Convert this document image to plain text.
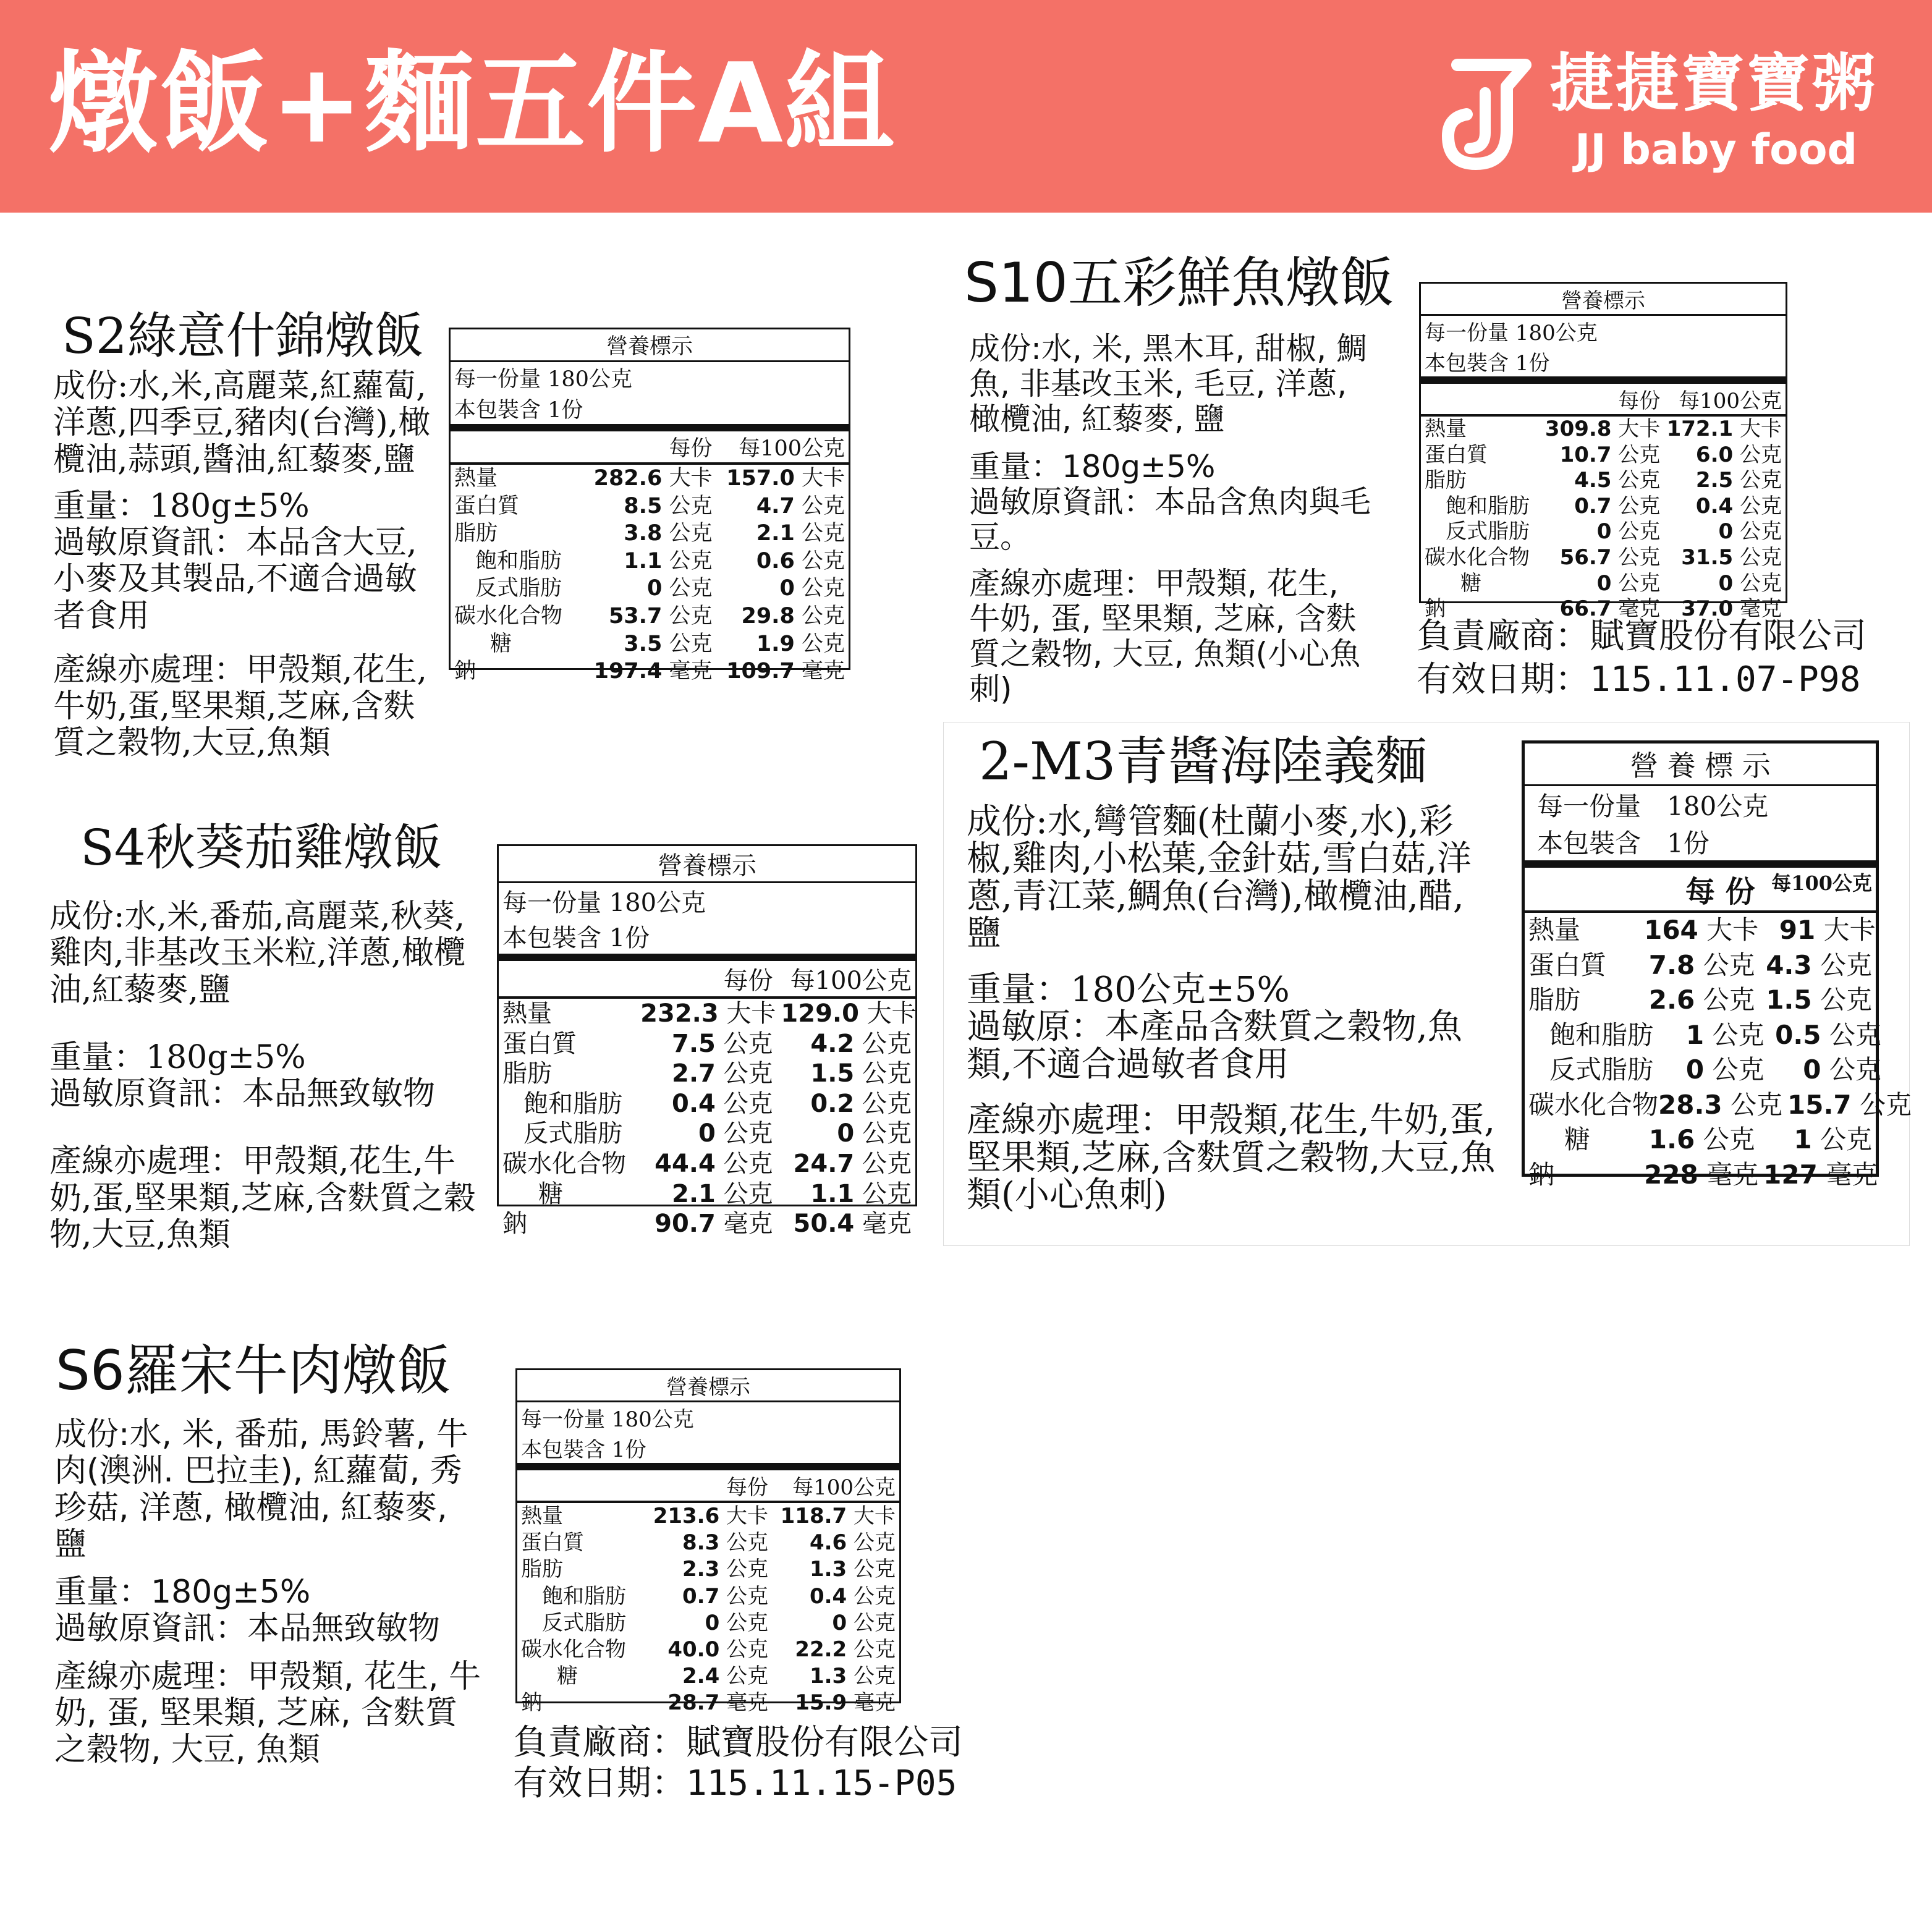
燉飯+麵五件A組	捷捷寶寶粥
JJ baby food
S2綠意什錦燉飯

成份:水,米,高麗菜,紅蘿蔔,洋蔥,四季豆,豬肉(台灣),橄欖油,蒜頭,醬油,紅藜麥,鹽

重量：180g±5%

過敏原資訊：本品含大豆,小麥及其製品,不適合過敏者食用

產線亦處理：甲殼類,花生,牛奶,蛋,堅果類,芝麻,含麩質之穀物,大豆,魚類

營養標示
每一份量 180公克
本包裝含 1份
每份	每100公克
熱量	282.6 大卡 157.0 大卡
蛋白質	8.5 公克	4.7 公克
脂肪	3.8 公克	2.1 公克
飽和脂肪	1.1 公克	0.6 公克
反式脂肪	0 公克	0 公克
碳水化合物	53.7 公克	29.8 公克
糖	3.5 公克	1.9 公克
鈉	197.4 毫克 109.7 毫克
S10五彩鮮魚燉飯

成份:水, 米, 黑木耳, 甜椒, 鯛魚, 非基改玉米, 毛豆, 洋蔥, 橄欖油, 紅藜麥, 鹽

重量：180g±5%

過敏原資訊：本品含魚肉與毛豆。

產線亦處理：甲殼類, 花生, 牛奶, 蛋, 堅果類, 芝麻, 含麩質之穀物, 大豆, 魚類(小心魚刺)

營養標示
每一份量 180公克
本包裝含 1份
每份 每100公克
熱量	309.8 大卡 172.1 大卡
蛋白質	10.7 公克	6.0 公克
脂肪	4.5 公克	2.5 公克
飽和脂肪	0.7 公克	0.4 公克
反式脂肪	0 公克	0 公克
碳水化合物	56.7 公克 31.5 公克
糖	0 公克	0 公克
鈉	66.7 毫克 37.0 毫克
負責廠商：賦寶股份有限公司
有效日期：115.11.07-P98
S4秋葵茄雞燉飯

成份:水,米,番茄,高麗菜,秋葵,雞肉,非基改玉米粒,洋蔥,橄欖油,紅藜麥,鹽

重量：180g±5%

過敏原資訊：本品無致敏物

產線亦處理：甲殼類,花生,牛奶,蛋,堅果類,芝麻,含麩質之穀物,大豆,魚類

營養標示
每一份量 180公克
本包裝含 1份
每份 每100公克
熱量	232.3 大卡 129.0 大卡
蛋白質	7.5 公克	4.2 公克
脂肪	2.7 公克	1.5 公克
飽和脂肪	0.4 公克	0.2 公克
反式脂肪	0 公克	0 公克
碳水化合物	44.4 公克 24.7 公克
糖	2.1 公克	1.1 公克
鈉	90.7 毫克 50.4 毫克
2-M3青醬海陸義麵

成份:水,彎管麵(杜蘭小麥,水),彩椒,雞肉,小松葉,金針菇,雪白菇,洋蔥,青江菜,鯛魚(台灣),橄欖油,醋,鹽

重量：180公克±5%

過敏原：本產品含麩質之穀物,魚類,不適合過敏者食用

產線亦處理：甲殼類,花生,牛奶,蛋,堅果類,芝麻,含麩質之穀物,大豆,魚類(小心魚刺)

營 養 標 示
每一份量　180公克
本包裝含　1份
每 份 每100公克
熱量	164 大卡 91 大卡
蛋白質	7.8 公克 4.3 公克
脂肪	2.6 公克 1.5 公克
飽和脂肪	1 公克 0.5 公克
反式脂肪	0 公克	0 公克
碳水化合物 28.3 公克 15.7 公克
糖	1.6 公克	1 公克
鈉	228 毫克 127 毫克
S6羅宋牛肉燉飯

成份:水, 米, 番茄, 馬鈴薯, 牛肉(澳洲. 巴拉圭), 紅蘿蔔, 秀珍菇, 洋蔥, 橄欖油, 紅藜麥, 鹽

重量：180g±5%

過敏原資訊：本品無致敏物

產線亦處理：甲殼類, 花生, 牛奶, 蛋, 堅果類, 芝麻, 含麩質之穀物, 大豆, 魚類

營養標示
每一份量 180公克
本包裝含 1份
每份	每100公克
熱量	213.6 大卡 118.7 大卡
蛋白質	8.3 公克	4.6 公克
脂肪	2.3 公克	1.3 公克
飽和脂肪	0.7 公克	0.4 公克
反式脂肪	0 公克	0 公克
碳水化合物	40.0 公克	22.2 公克
糖	2.4 公克	1.3 公克
鈉	28.7 毫克	15.9 毫克
負責廠商：賦寶股份有限公司
有效日期：115.11.15-P05
